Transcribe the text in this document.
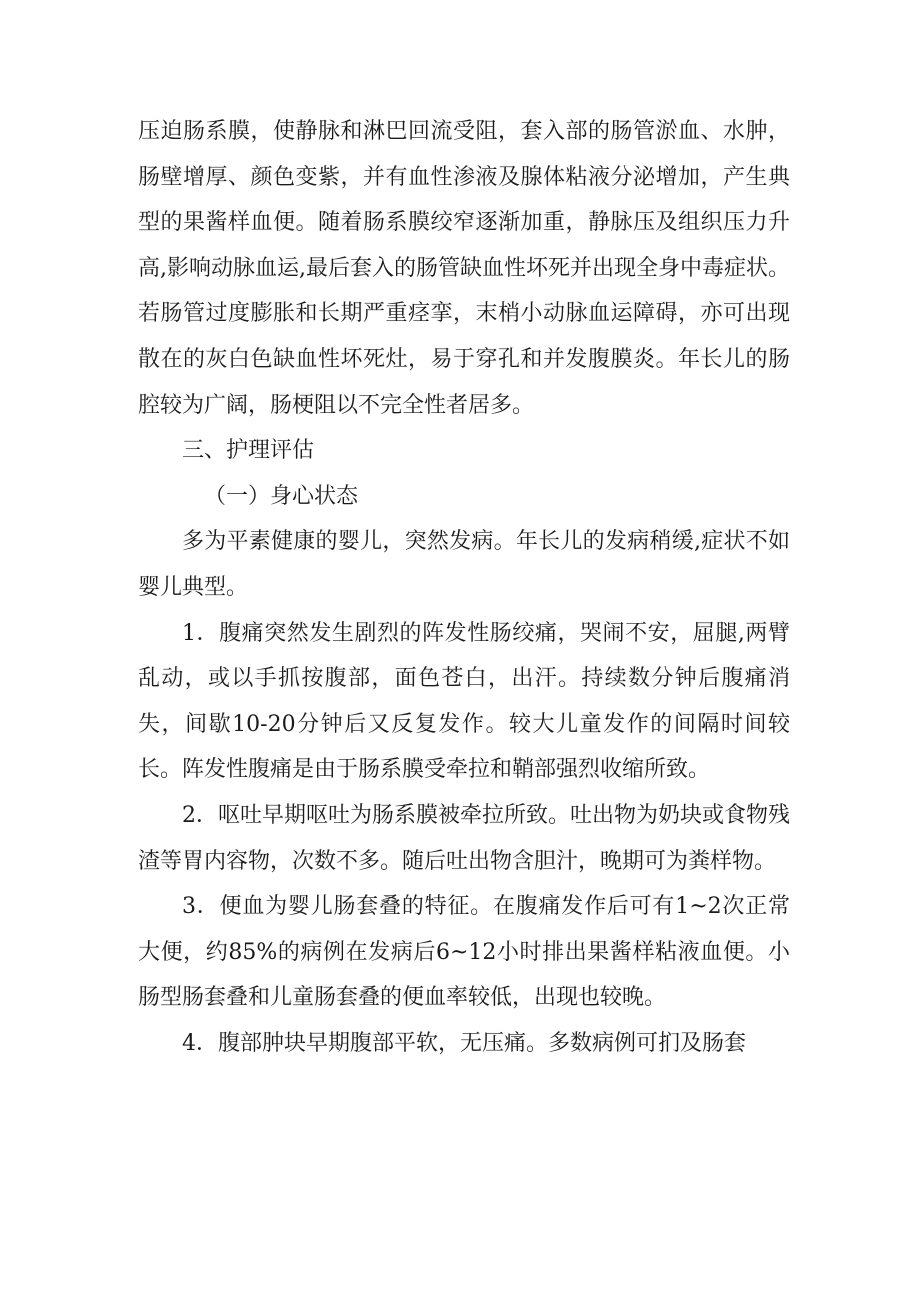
压迫肠系膜，使静脉和淋巴回流受阻，套入部的肠管淤血、水肿，肠壁增厚、颜色变紫，并有血性渗液及腺体粘液分泌增加，产生典型的果酱样血便。随着肠系膜绞窄逐渐加重，静脉压及组织压力升高,影响动脉血运,最后套入的肠管缺血性坏死并出现全身中毒症状。若肠管过度膨胀和长期严重痉挛，末梢小动脉血运障碍，亦可出现散在的灰白色缺血性坏死灶，易于穿孔和并发腹膜炎。年长儿的肠腔较为广阔，肠梗阻以不完全性者居多。

三、护理评估

（一）身心状态

多为平素健康的婴儿，突然发病。年长儿的发病稍缓,症状不如婴儿典型。

1．腹痛突然发生剧烈的阵发性肠绞痛，哭闹不安，屈腿,两臂乱动，或以手抓按腹部，面色苍白，出汗。持续数分钟后腹痛消失，间歇10-20分钟后又反复发作。较大儿童发作的间隔时间较长。阵发性腹痛是由于肠系膜受牵拉和鞘部强烈收缩所致。

2．呕吐早期呕吐为肠系膜被牵拉所致。吐出物为奶块或食物残渣等胃内容物，次数不多。随后吐出物含胆汁，晚期可为粪样物。

3．便血为婴儿肠套叠的特征。在腹痛发作后可有1~2次正常大便，约85%的病例在发病后6~12小时排出果酱样粘液血便。小肠型肠套叠和儿童肠套叠的便血率较低，出现也较晚。

4．腹部肿块早期腹部平软，无压痛。多数病例可扪及肠套
